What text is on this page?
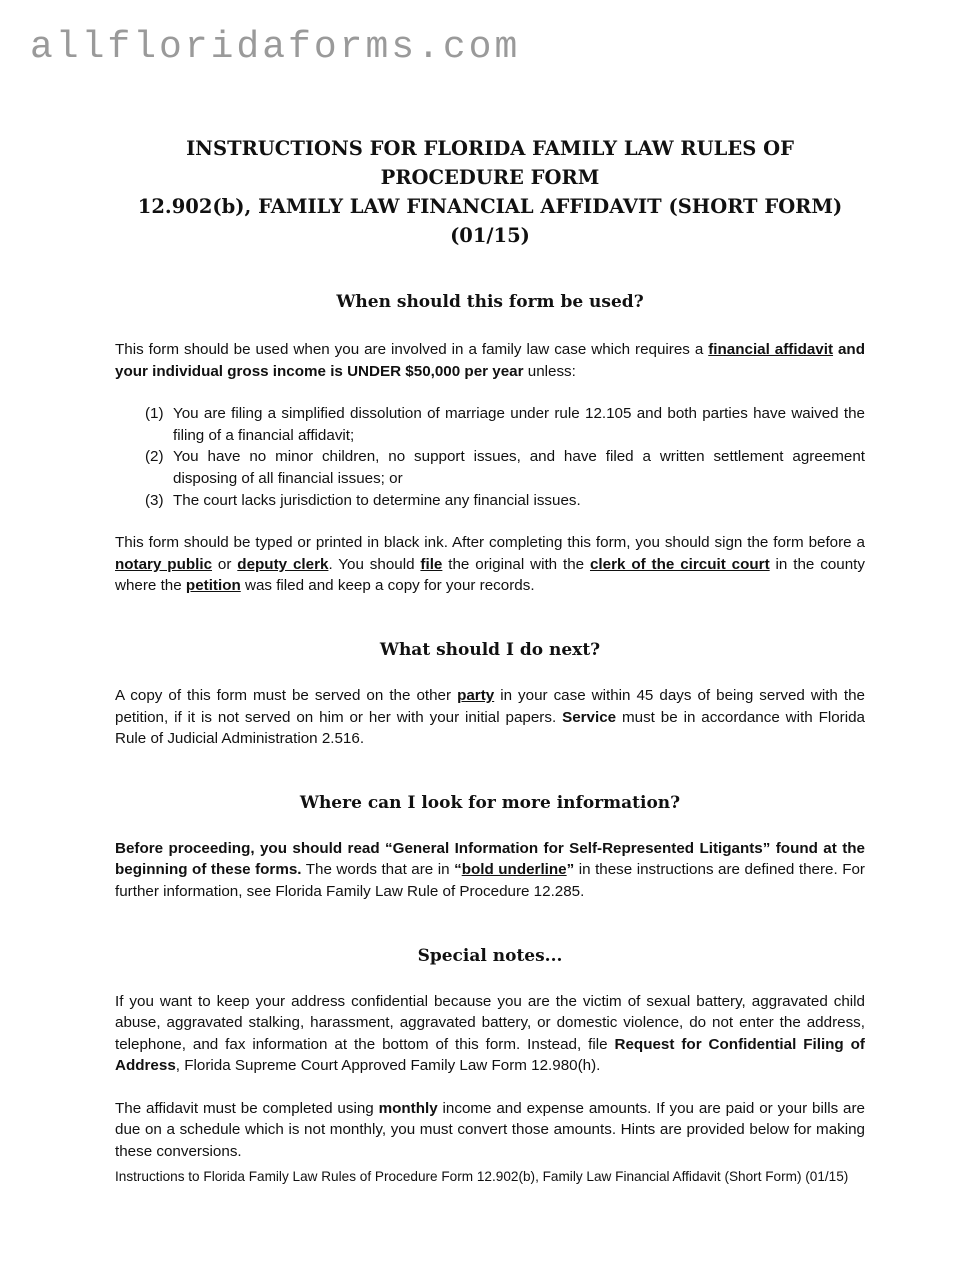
allfloridaforms.com
INSTRUCTIONS FOR FLORIDA FAMILY LAW RULES OF PROCEDURE FORM
12.902(b), FAMILY LAW FINANCIAL AFFIDAVIT (SHORT FORM) (01/15)
When should this form be used?

This form should be used when you are involved in a family law case which requires a financial affidavit and your individual gross income is UNDER $50,000 per year unless:

(1) You are filing a simplified dissolution of marriage under rule 12.105 and both parties have waived the filing of a financial affidavit;
(2) You have no minor children, no support issues, and have filed a written settlement agreement disposing of all financial issues; or
(3) The court lacks jurisdiction to determine any financial issues.

This form should be typed or printed in black ink. After completing this form, you should sign the form before a notary public or deputy clerk. You should file the original with the clerk of the circuit court in the county where the petition was filed and keep a copy for your records.

What should I do next?

A copy of this form must be served on the other party in your case within 45 days of being served with the petition, if it is not served on him or her with your initial papers. Service must be in accordance with Florida Rule of Judicial Administration 2.516.

Where can I look for more information?

Before proceeding, you should read “General Information for Self-Represented Litigants” found at the beginning of these forms. The words that are in “bold underline” in these instructions are defined there. For further information, see Florida Family Law Rule of Procedure 12.285.

Special notes...

If you want to keep your address confidential because you are the victim of sexual battery, aggravated child abuse, aggravated stalking, harassment, aggravated battery, or domestic violence, do not enter the address, telephone, and fax information at the bottom of this form. Instead, file Request for Confidential Filing of Address, Florida Supreme Court Approved Family Law Form 12.980(h).

The affidavit must be completed using monthly income and expense amounts. If you are paid or your bills are due on a schedule which is not monthly, you must convert those amounts. Hints are provided below for making these conversions.

Instructions to Florida Family Law Rules of Procedure Form 12.902(b), Family Law Financial Affidavit (Short Form) (01/15)
